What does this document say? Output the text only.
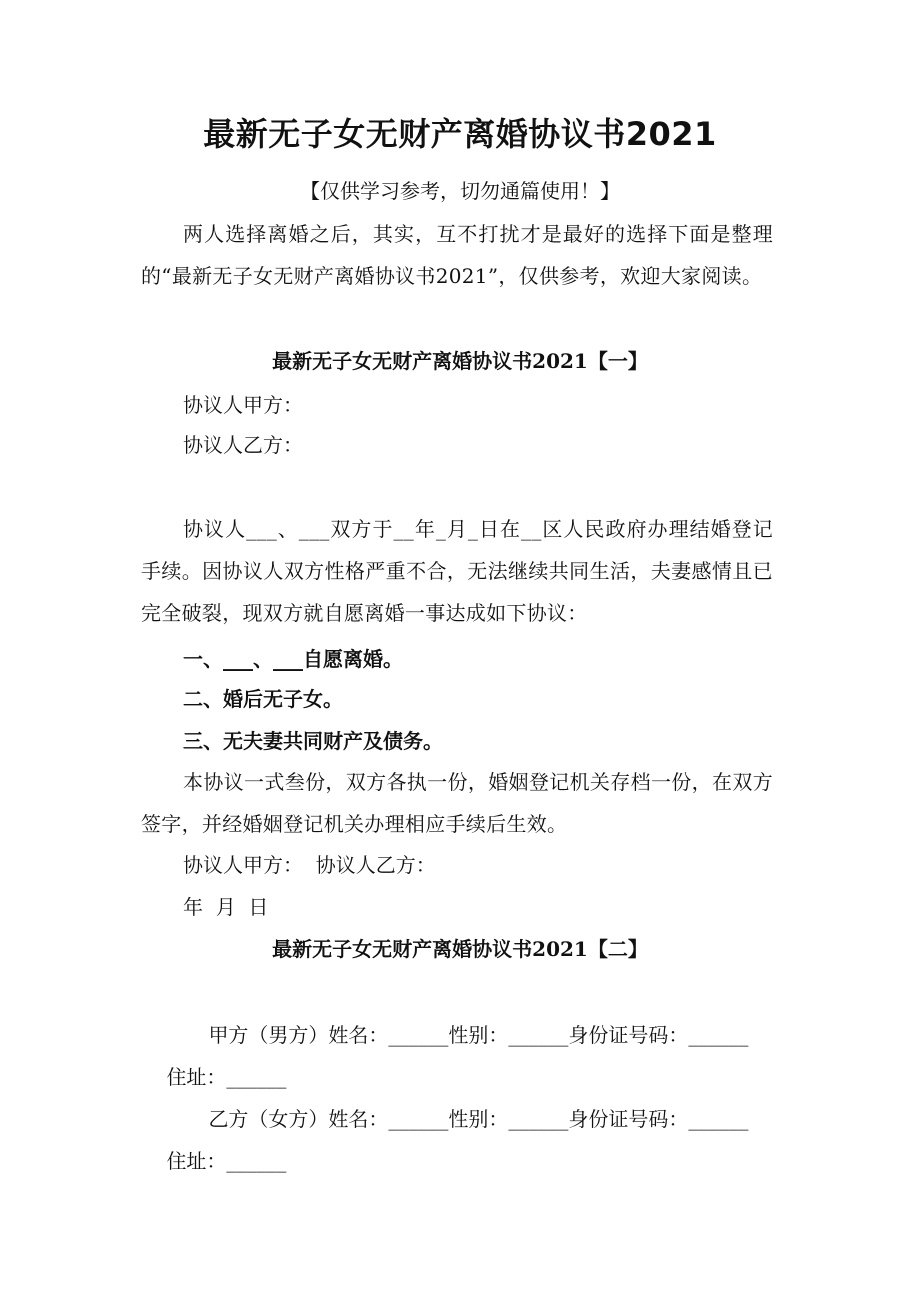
最新无子女无财产离婚协议书2021
【仅供学习参考，切勿通篇使用！】
两人选择离婚之后，其实，互不打扰才是最好的选择下面是整理的“最新无子女无财产离婚协议书2021”，仅供参考，欢迎大家阅读。
最新无子女无财产离婚协议书2021【一】
协议人甲方：
协议人乙方：
协议人___、___双方于__年_月_日在__区人民政府办理结婚登记手续。因协议人双方性格严重不合，无法继续共同生活，夫妻感情且已完全破裂，现双方就自愿离婚一事达成如下协议：
一、___、___自愿离婚。
二、婚后无子女。
三、无夫妻共同财产及债务。
本协议一式叁份，双方各执一份，婚姻登记机关存档一份，在双方签字，并经婚姻登记机关办理相应手续后生效。
协议人甲方：  协议人乙方：
年  月  日
最新无子女无财产离婚协议书2021【二】

甲方（男方）姓名：______性别：______身份证号码：______

住址：______

乙方（女方）姓名：______性别：______身份证号码：______

住址：______
